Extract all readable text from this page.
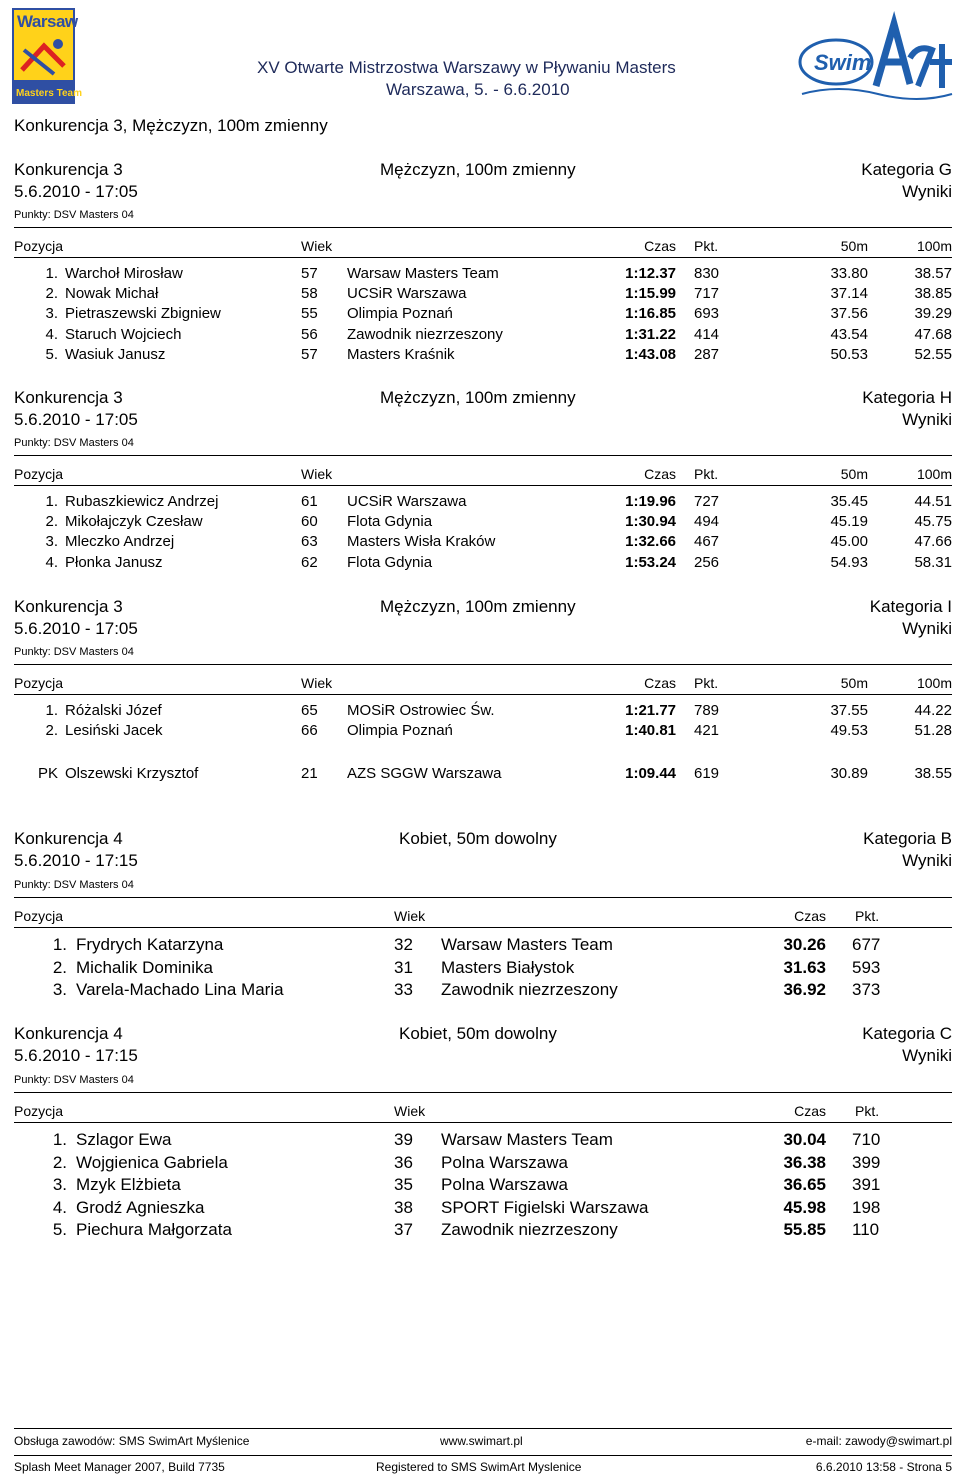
Warsaw
Masters Team
XV Otwarte Mistrzostwa Warszawy w Pływaniu Masters
Warszawa, 5. - 6.6.2010
Swim
Konkurencja 3, Mężczyzn, 100m zmienny
Konkurencja 3	Mężczyzn, 100m zmienny	Kategoria G
5.6.2010 - 17:05	Wyniki
Punkty: DSV Masters 04
Pozycja	Wiek	Czas Pkt.	50m	100m
1. Warchoł Mirosław	57 Warsaw Masters Team	1:12.37 830	33.80	38.57
2. Nowak Michał	58 UCSiR Warszawa	1:15.99 717	37.14	38.85
3. Pietraszewski Zbigniew	55 Olimpia Poznań	1:16.85 693	37.56	39.29
4. Staruch Wojciech	56 Zawodnik niezrzeszony	1:31.22 414	43.54	47.68
5. Wasiuk Janusz	57 Masters Kraśnik	1:43.08 287	50.53	52.55
Konkurencja 3	Mężczyzn, 100m zmienny	Kategoria H
5.6.2010 - 17:05	Wyniki
Punkty: DSV Masters 04
Pozycja	Wiek	Czas Pkt.	50m	100m
1. Rubaszkiewicz Andrzej	61 UCSiR Warszawa	1:19.96 727	35.45	44.51
2. Mikołajczyk Czesław	60 Flota Gdynia	1:30.94 494	45.19	45.75
3. Mleczko Andrzej	63 Masters Wisła Kraków	1:32.66 467	45.00	47.66
4. Płonka Janusz	62 Flota Gdynia	1:53.24 256	54.93	58.31
Konkurencja 3	Mężczyzn, 100m zmienny	Kategoria I
5.6.2010 - 17:05	Wyniki
Punkty: DSV Masters 04
Pozycja	Wiek	Czas Pkt.	50m	100m
1. Różalski Józef	65 MOSiR Ostrowiec Św.	1:21.77 789	37.55	44.22
2. Lesiński Jacek	66 Olimpia Poznań	1:40.81 421	49.53	51.28
PK Olszewski Krzysztof	21 AZS SGGW Warszawa	1:09.44 619	30.89	38.55
Konkurencja 4	Kobiet, 50m dowolny	Kategoria B
5.6.2010 - 17:15	Wyniki
Punkty: DSV Masters 04
Pozycja	Wiek	Czas Pkt.
1. Frydrych Katarzyna	32 Warsaw Masters Team	30.26 677
2. Michalik Dominika	31 Masters Białystok	31.63 593
3. Varela-Machado Lina Maria	33 Zawodnik niezrzeszony	36.92 373
Konkurencja 4	Kobiet, 50m dowolny	Kategoria C
5.6.2010 - 17:15	Wyniki
Punkty: DSV Masters 04
Pozycja	Wiek	Czas Pkt.
1. Szlagor Ewa	39 Warsaw Masters Team	30.04 710
2. Wojgienica Gabriela	36 Polna Warszawa	36.38 399
3. Mzyk Elżbieta	35 Polna Warszawa	36.65 391
4. Grodź Agnieszka	38 SPORT Figielski Warszawa	45.98 198
5. Piechura Małgorzata	37 Zawodnik niezrzeszony	55.85 110
Obsługa zawodów: SMS SwimArt Myślenice	www.swimart.pl	e-mail: zawody@swimart.pl
Splash Meet Manager 2007, Build 7735	Registered to SMS SwimArt Myslenice	6.6.2010 13:58 - Strona 5
